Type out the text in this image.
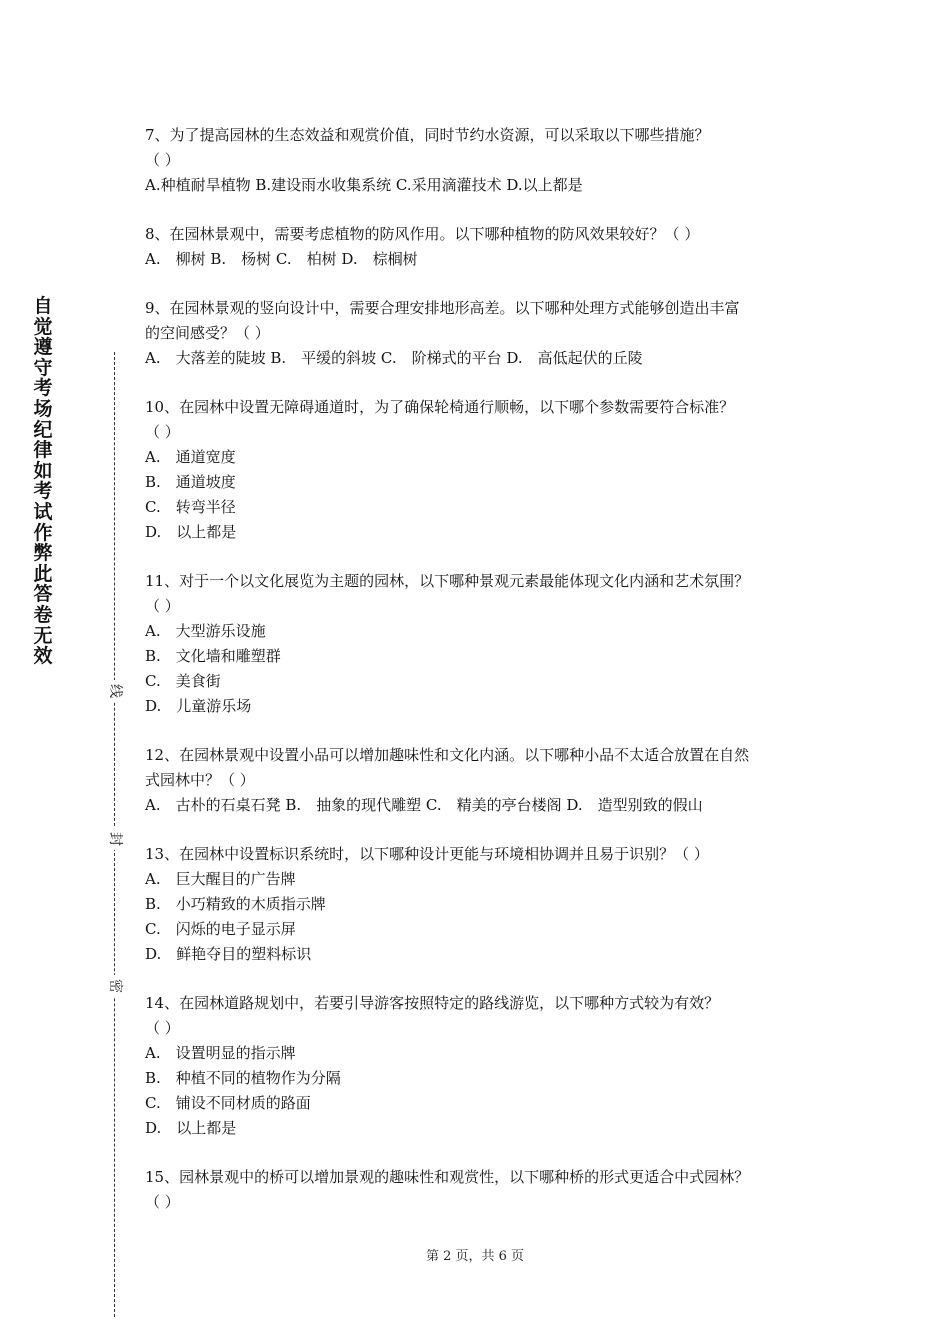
自觉遵守考场纪律如考试作弊此答卷无效
线
封
密

7、为了提高园林的生态效益和观赏价值，同时节约水资源，可以采取以下哪些措施？

（ ）

A.种植耐旱植物 B.建设雨水收集系统 C.采用滴灌技术 D.以上都是

8、在园林景观中，需要考虑植物的防风作用。以下哪种植物的防风效果较好？（ ）

A.　柳树 B.　杨树 C.　柏树 D.　棕榈树

9、在园林景观的竖向设计中，需要合理安排地形高差。以下哪种处理方式能够创造出丰富

的空间感受？（ ）

A.　大落差的陡坡 B.　平缓的斜坡 C.　阶梯式的平台 D.　高低起伏的丘陵

10、在园林中设置无障碍通道时，为了确保轮椅通行顺畅，以下哪个参数需要符合标准？

（ ）

A.　通道宽度

B.　通道坡度

C.　转弯半径

D.　以上都是

11、对于一个以文化展览为主题的园林，以下哪种景观元素最能体现文化内涵和艺术氛围？

（ ）

A.　大型游乐设施

B.　文化墙和雕塑群

C.　美食街

D.　儿童游乐场

12、在园林景观中设置小品可以增加趣味性和文化内涵。以下哪种小品不太适合放置在自然

式园林中？（ ）

A.　古朴的石桌石凳 B.　抽象的现代雕塑 C.　精美的亭台楼阁 D.　造型别致的假山

13、在园林中设置标识系统时，以下哪种设计更能与环境相协调并且易于识别？（ ）

A.　巨大醒目的广告牌

B.　小巧精致的木质指示牌

C.　闪烁的电子显示屏

D.　鲜艳夺目的塑料标识

14、在园林道路规划中，若要引导游客按照特定的路线游览，以下哪种方式较为有效？

（ ）

A.　设置明显的指示牌

B.　种植不同的植物作为分隔

C.　铺设不同材质的路面

D.　以上都是

15、园林景观中的桥可以增加景观的趣味性和观赏性，以下哪种桥的形式更适合中式园林？

（ ）

第 2 页，共 6 页
